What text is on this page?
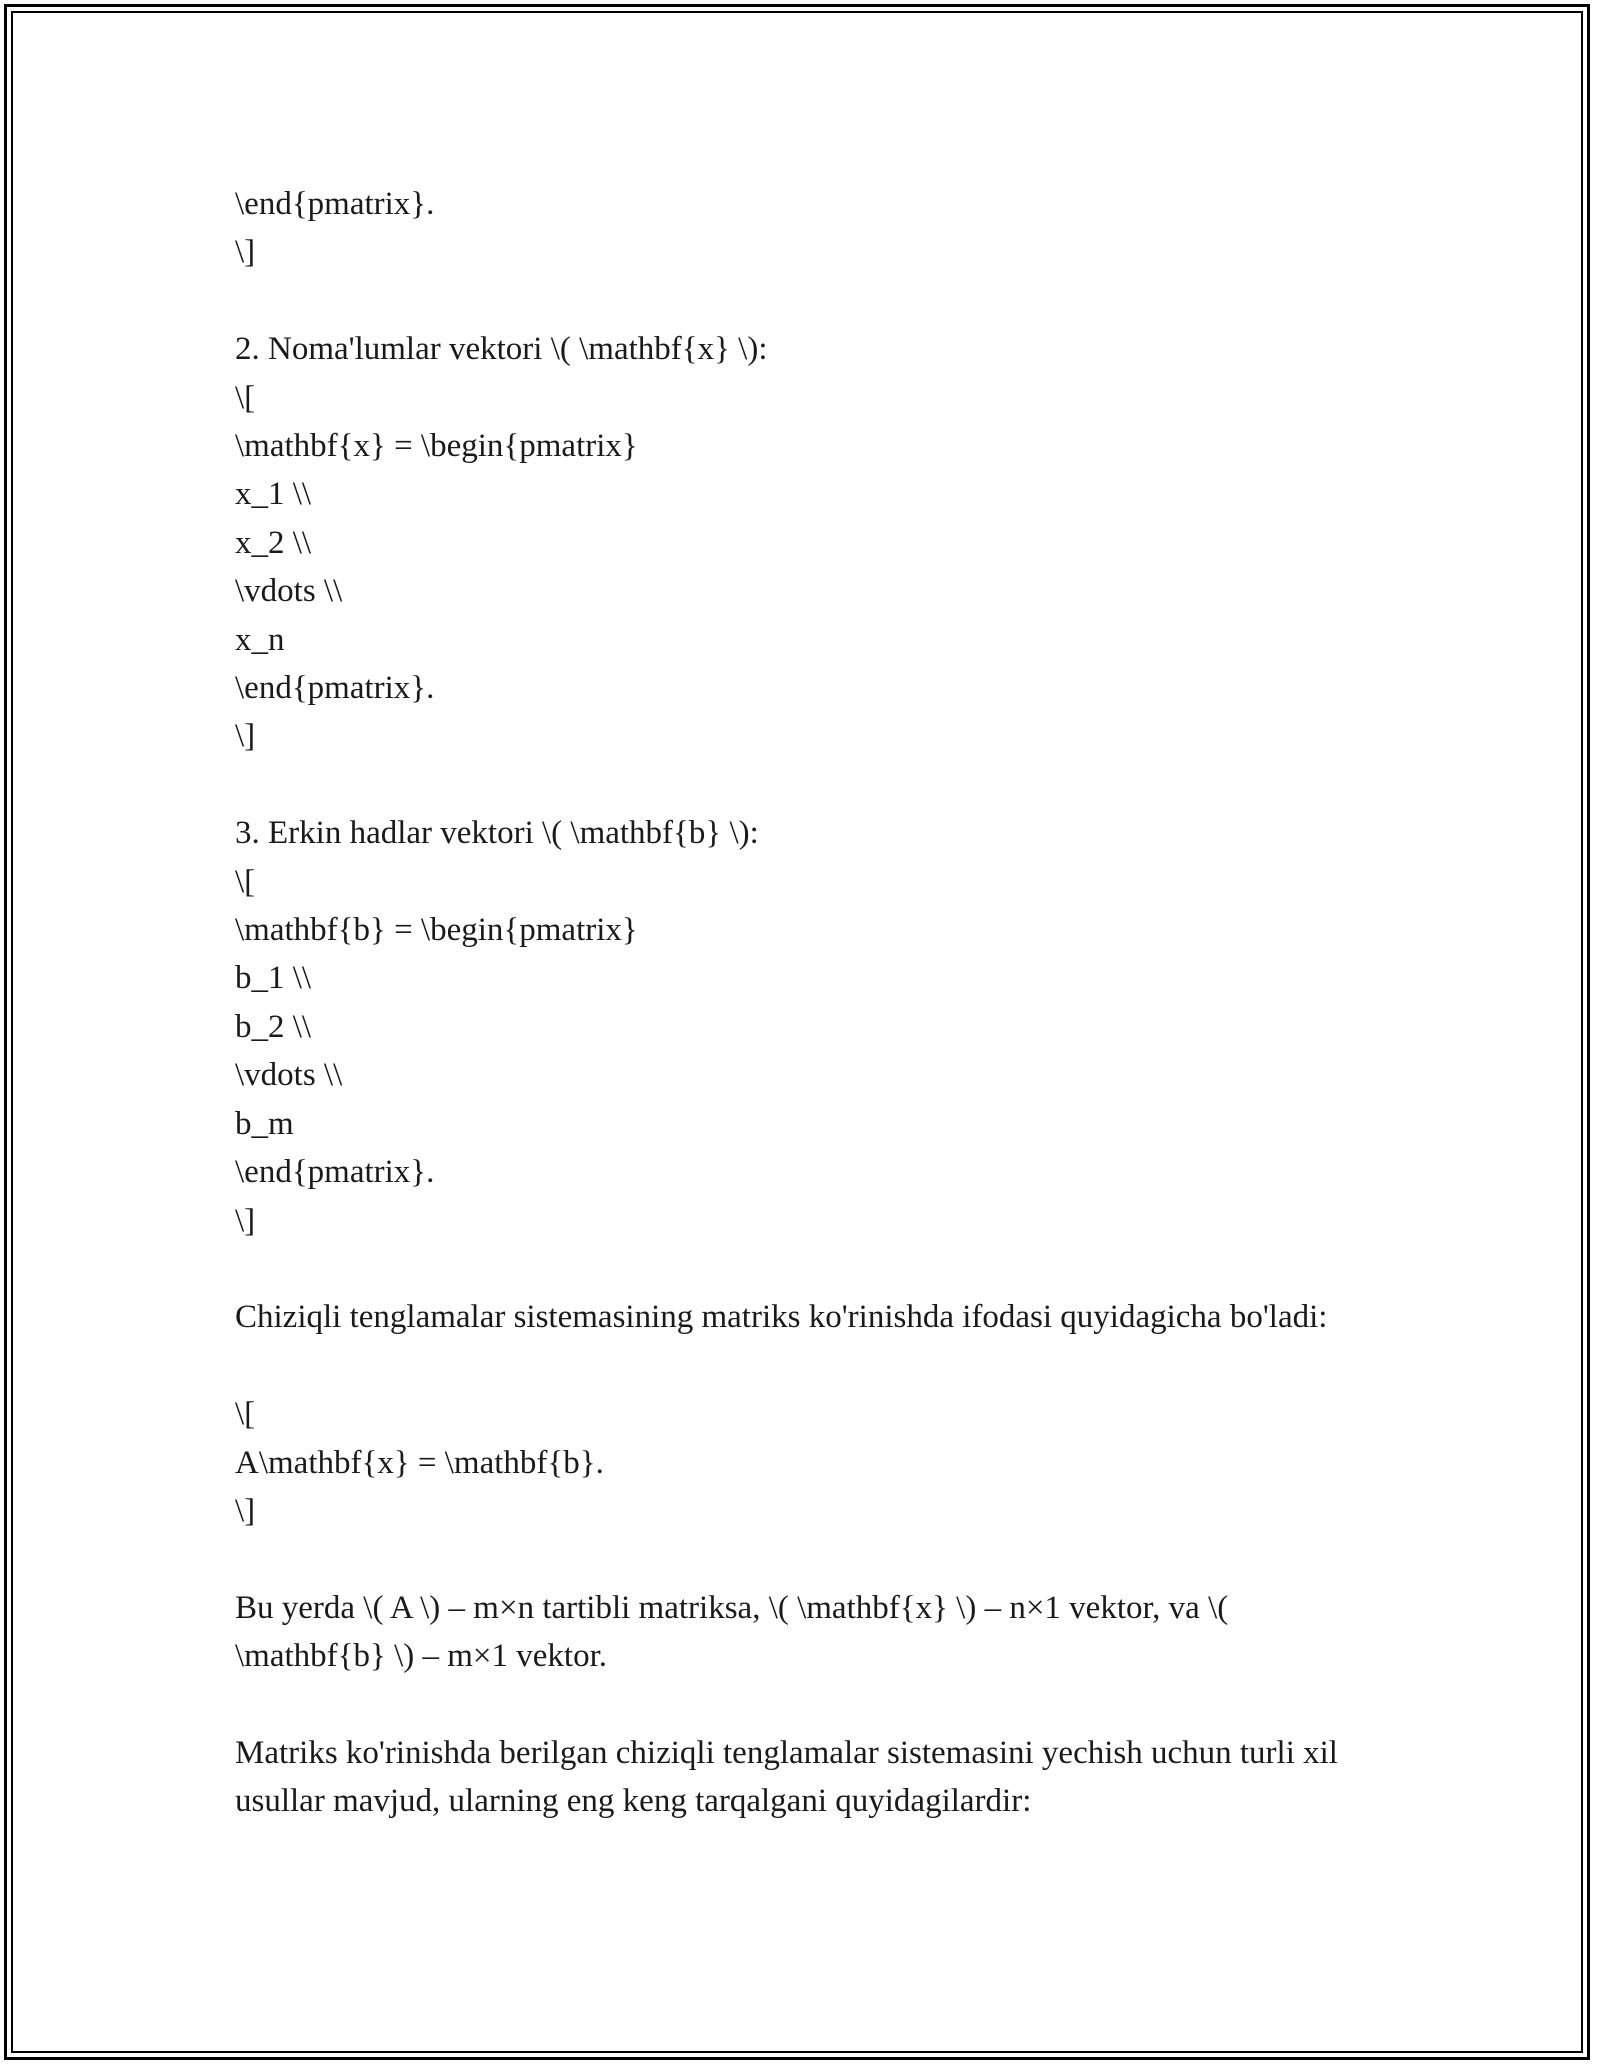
\end{pmatrix}.
\]
2. Noma'lumlar vektori \( \mathbf{x} \):
\[
\mathbf{x} = \begin{pmatrix}
x_1 \\
x_2 \\
\vdots \\
x_n
\end{pmatrix}.
\]
3. Erkin hadlar vektori \( \mathbf{b} \):
\[
\mathbf{b} = \begin{pmatrix}
b_1 \\
b_2 \\
\vdots \\
b_m
\end{pmatrix}.
\]
Chiziqli tenglamalar sistemasining matriks ko'rinishda ifodasi quyidagicha bo'ladi:
\[
A\mathbf{x} = \mathbf{b}.
\]
Bu yerda \( A \) – m×n tartibli matriksa, \( \mathbf{x} \) – n×1 vektor, va \( \mathbf{b} \) – m×1 vektor.
Matriks ko'rinishda berilgan chiziqli tenglamalar sistemasini yechish uchun turli xil usullar mavjud, ularning eng keng tarqalgani quyidagilardir:
